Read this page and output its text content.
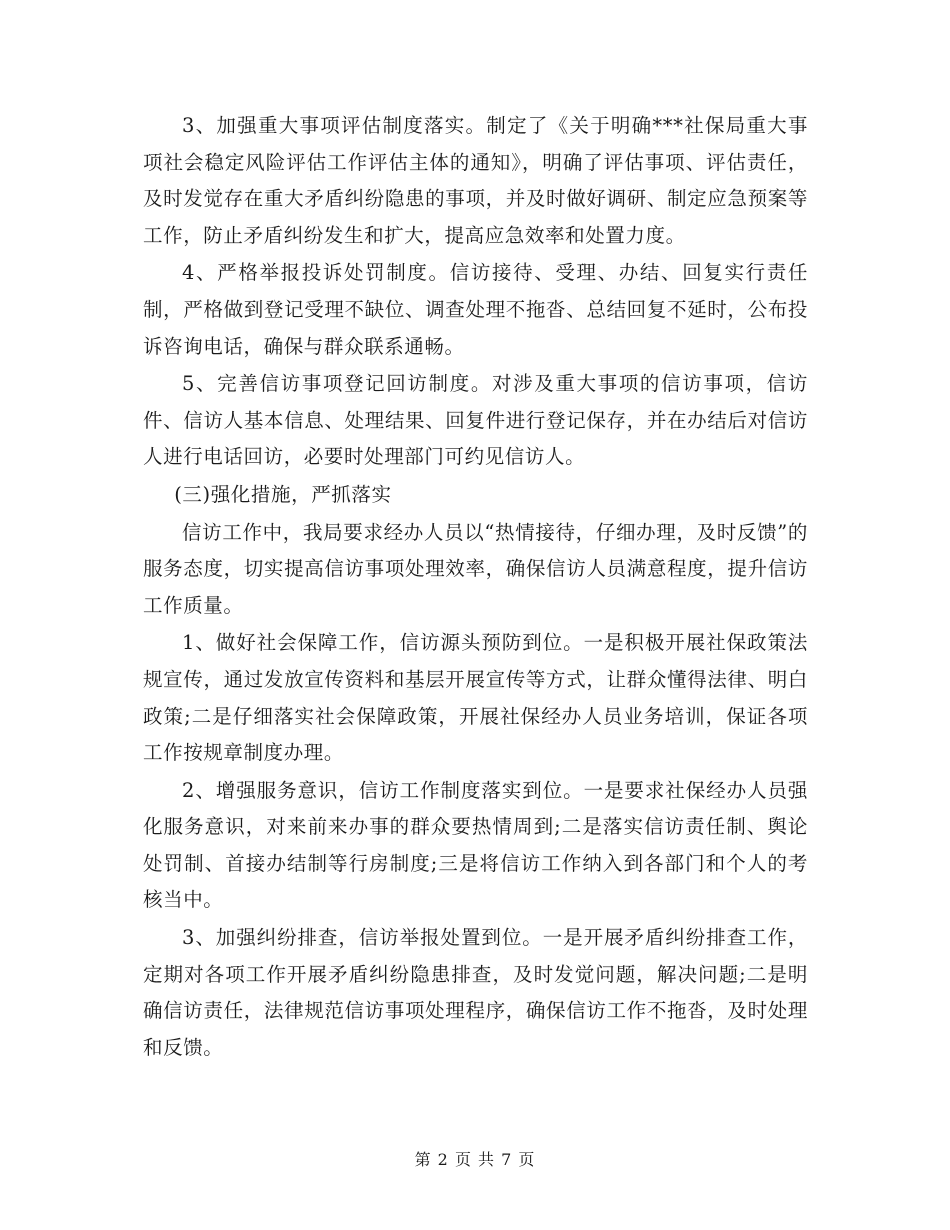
3、加强重大事项评估制度落实。制定了《关于明确***社保局重大事项社会稳定风险评估工作评估主体的通知》，明确了评估事项、评估责任，及时发觉存在重大矛盾纠纷隐患的事项，并及时做好调研、制定应急预案等工作，防止矛盾纠纷发生和扩大，提高应急效率和处置力度。

4、严格举报投诉处罚制度。信访接待、受理、办结、回复实行责任制，严格做到登记受理不缺位、调查处理不拖沓、总结回复不延时，公布投诉咨询电话，确保与群众联系通畅。

5、完善信访事项登记回访制度。对涉及重大事项的信访事项，信访件、信访人基本信息、处理结果、回复件进行登记保存，并在办结后对信访人进行电话回访，必要时处理部门可约见信访人。

(三)强化措施，严抓落实

信访工作中，我局要求经办人员以“热情接待，仔细办理，及时反馈”的服务态度，切实提高信访事项处理效率，确保信访人员满意程度，提升信访工作质量。

1、做好社会保障工作，信访源头预防到位。一是积极开展社保政策法规宣传，通过发放宣传资料和基层开展宣传等方式，让群众懂得法律、明白政策;二是仔细落实社会保障政策，开展社保经办人员业务培训，保证各项工作按规章制度办理。

2、增强服务意识，信访工作制度落实到位。一是要求社保经办人员强化服务意识，对来前来办事的群众要热情周到;二是落实信访责任制、舆论处罚制、首接办结制等行房制度;三是将信访工作纳入到各部门和个人的考核当中。

3、加强纠纷排查，信访举报处置到位。一是开展矛盾纠纷排查工作，定期对各项工作开展矛盾纠纷隐患排查，及时发觉问题，解决问题;二是明确信访责任，法律规范信访事项处理程序，确保信访工作不拖沓，及时处理和反馈。

第 2 页 共 7 页
